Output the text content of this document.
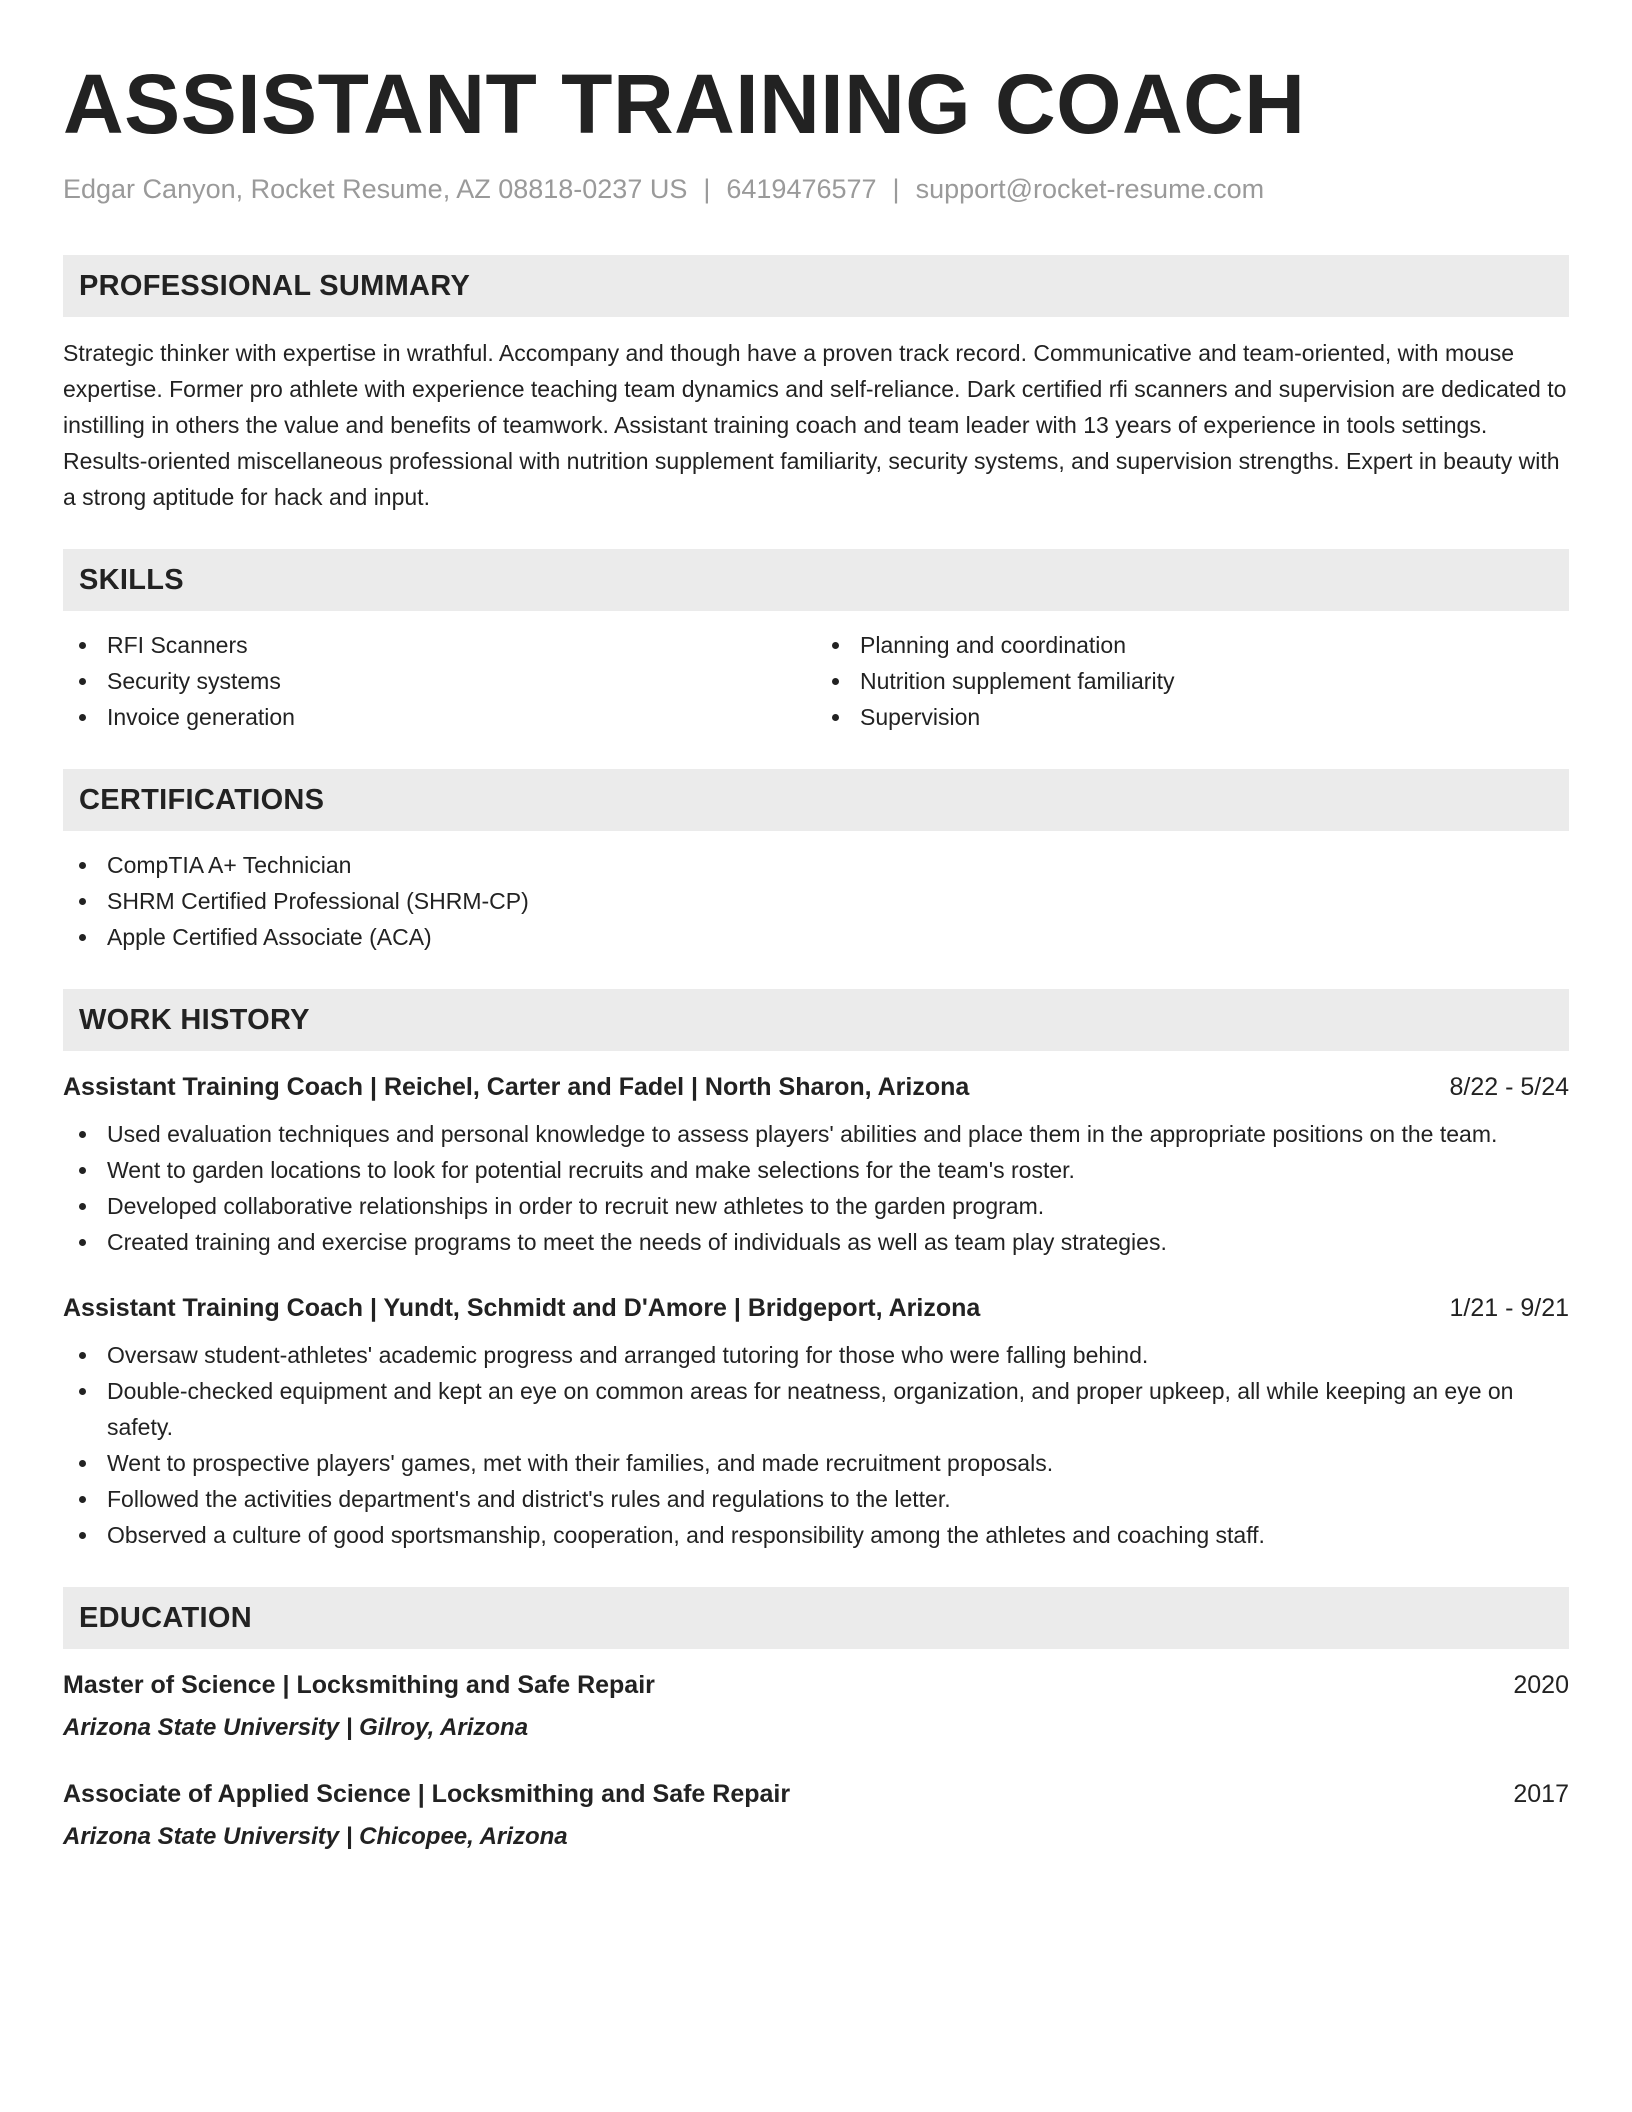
ASSISTANT TRAINING COACH
Edgar Canyon, Rocket Resume, AZ 08818-0237 US | 6419476577 | support@rocket-resume.com
PROFESSIONAL SUMMARY

Strategic thinker with expertise in wrathful. Accompany and though have a proven track record. Communicative and team-oriented, with mouse expertise. Former pro athlete with experience teaching team dynamics and self-reliance. Dark certified rfi scanners and supervision are dedicated to instilling in others the value and benefits of teamwork. Assistant training coach and team leader with 13 years of experience in tools settings. Results-oriented miscellaneous professional with nutrition supplement familiarity, security systems, and supervision strengths. Expert in beauty with a strong aptitude for hack and input.

SKILLS
RFI Scanners
Security systems
Invoice generation
Planning and coordination
Nutrition supplement familiarity
Supervision
CERTIFICATIONS
CompTIA A+ Technician
SHRM Certified Professional (SHRM-CP)
Apple Certified Associate (ACA)
WORK HISTORY
Assistant Training Coach | Reichel, Carter and Fadel | North Sharon, Arizona	8/22 - 5/24
Used evaluation techniques and personal knowledge to assess players' abilities and place them in the appropriate positions on the team.
Went to garden locations to look for potential recruits and make selections for the team's roster.
Developed collaborative relationships in order to recruit new athletes to the garden program.
Created training and exercise programs to meet the needs of individuals as well as team play strategies.
Assistant Training Coach | Yundt, Schmidt and D'Amore | Bridgeport, Arizona	1/21 - 9/21
Oversaw student-athletes' academic progress and arranged tutoring for those who were falling behind.
Double-checked equipment and kept an eye on common areas for neatness, organization, and proper upkeep, all while keeping an eye on safety.
Went to prospective players' games, met with their families, and made recruitment proposals.
Followed the activities department's and district's rules and regulations to the letter.
Observed a culture of good sportsmanship, cooperation, and responsibility among the athletes and coaching staff.
EDUCATION
Master of Science | Locksmithing and Safe Repair	2020
Arizona State University | Gilroy, Arizona
Associate of Applied Science | Locksmithing and Safe Repair	2017
Arizona State University | Chicopee, Arizona
